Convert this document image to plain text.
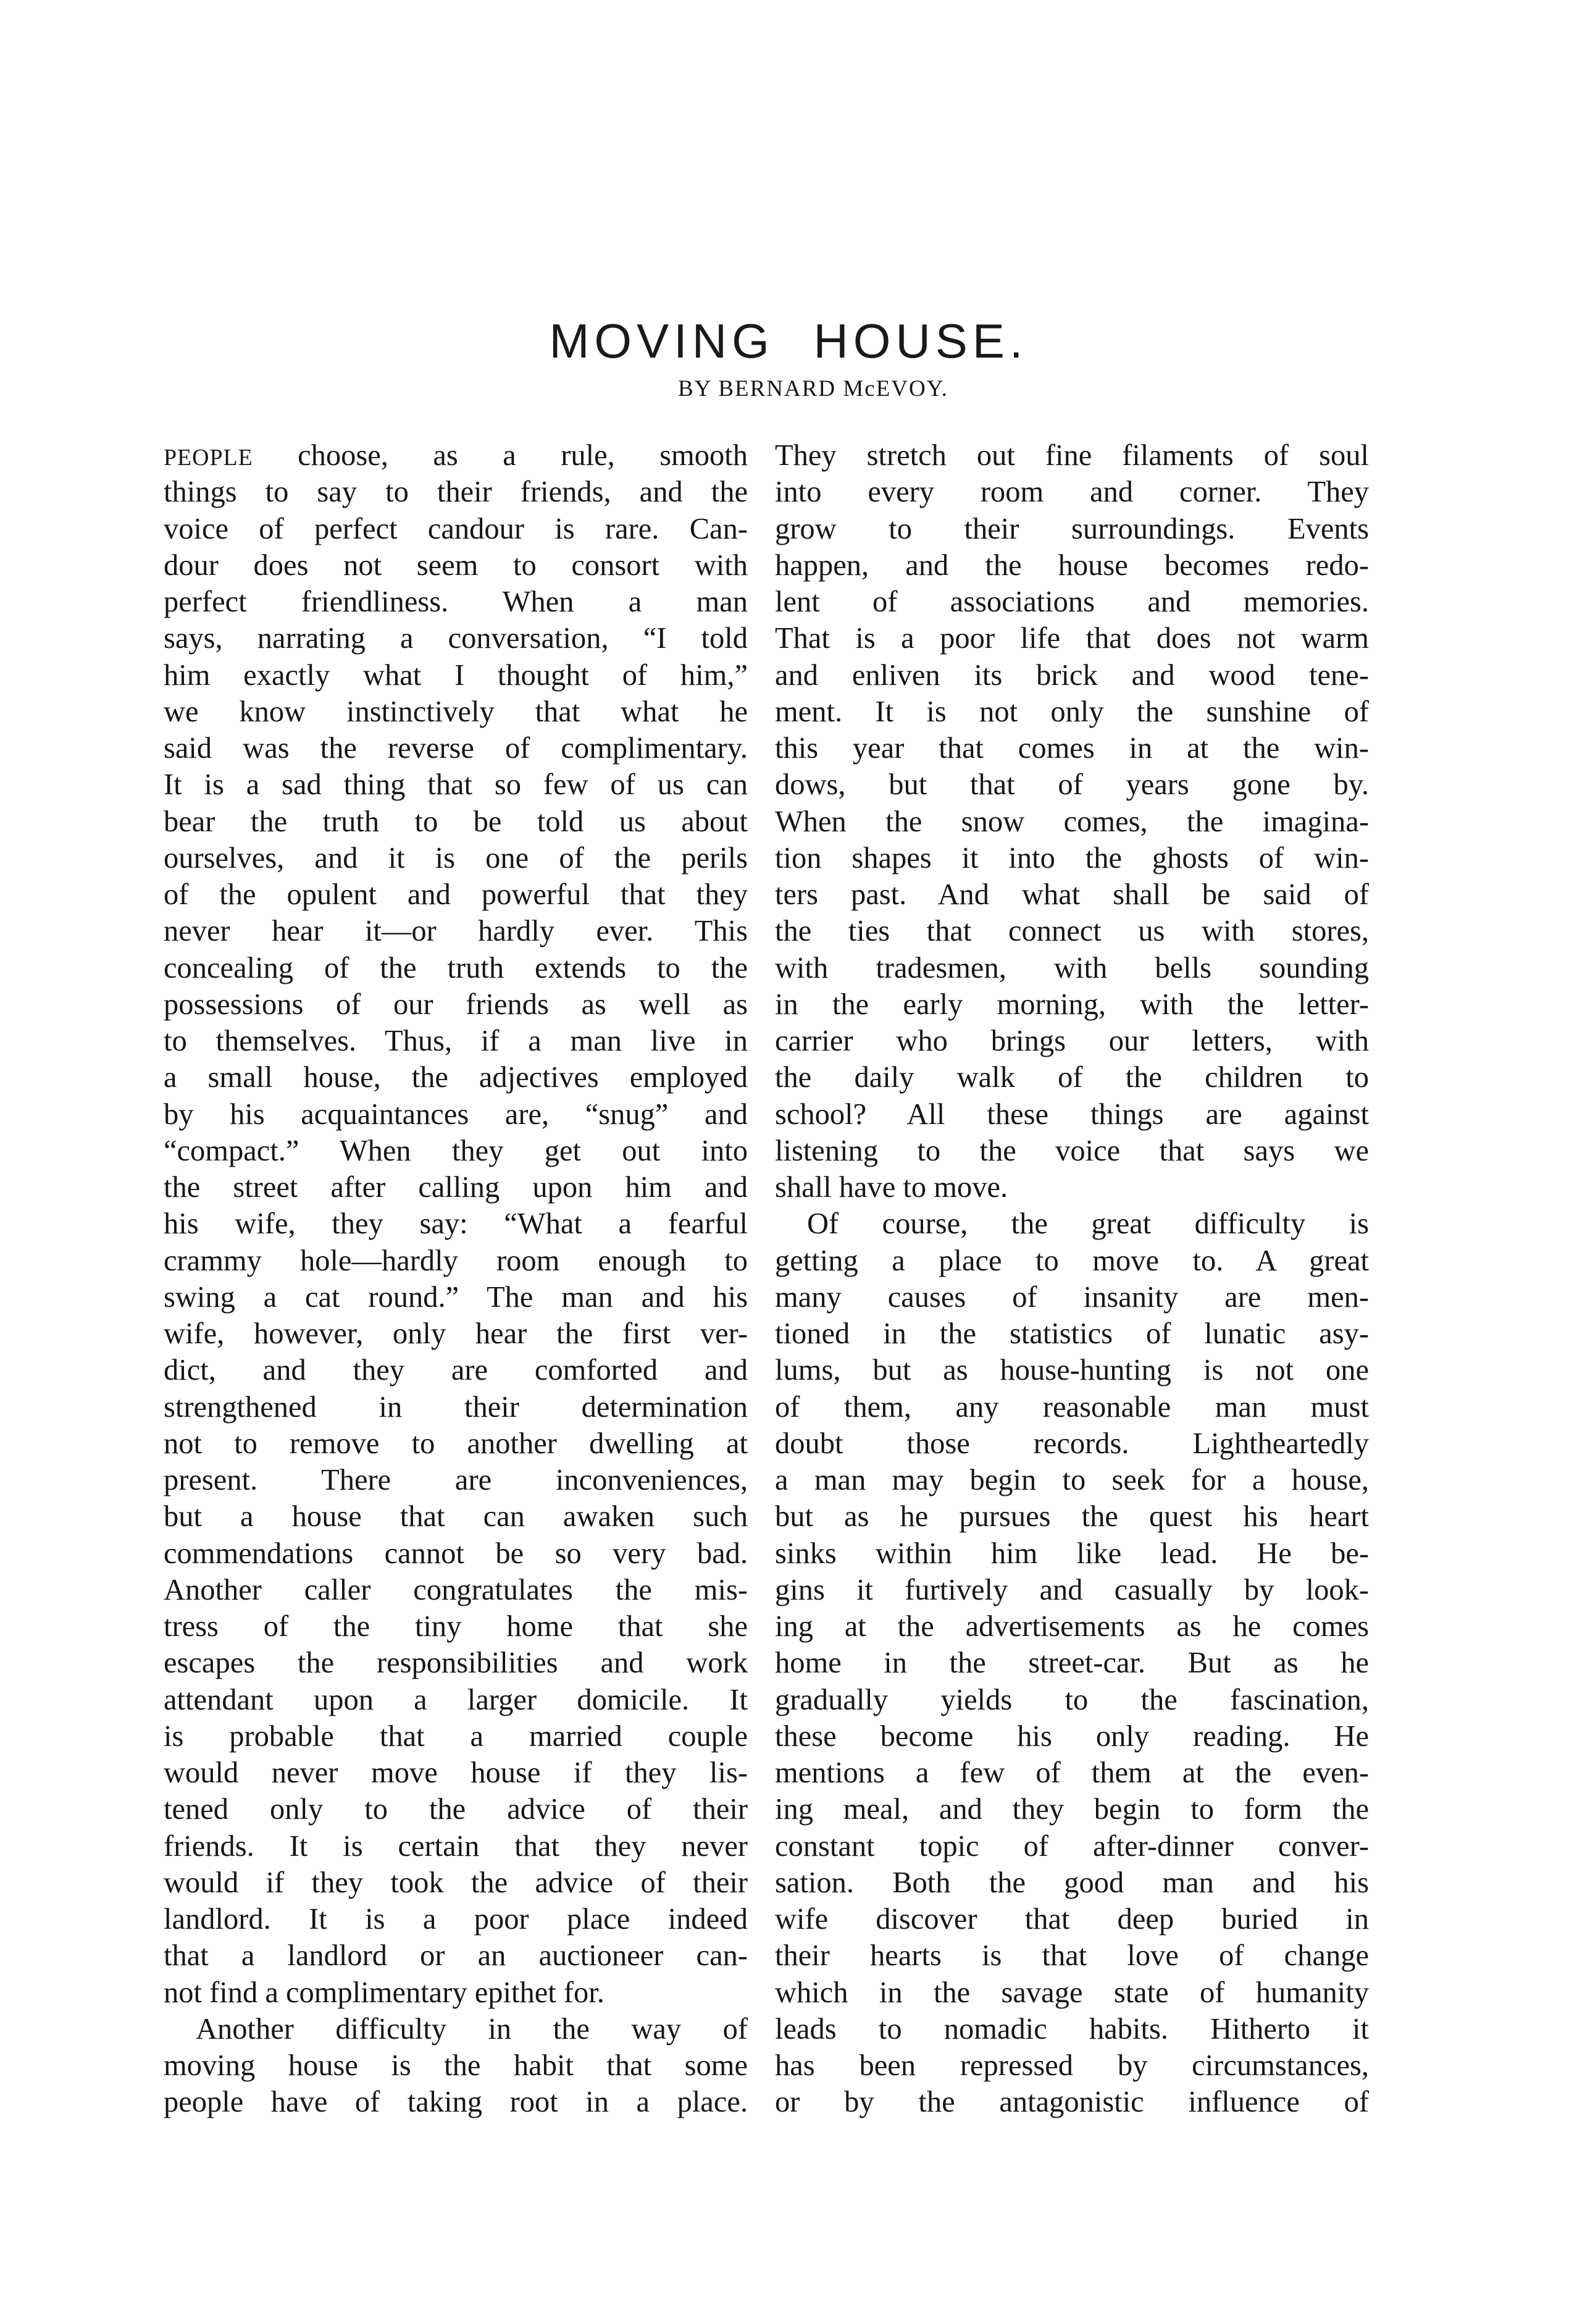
MOVING HOUSE.
BY BERNARD McEVOY.
PEOPLE choose, as a rule, smooth
things to say to their friends, and the
voice of perfect candour is rare. Can-
dour does not seem to consort with
perfect friendliness. When a man
says, narrating a conversation, “I told
him exactly what I thought of him,”
we know instinctively that what he
said was the reverse of complimentary.
It is a sad thing that so few of us can
bear the truth to be told us about
ourselves, and it is one of the perils
of the opulent and powerful that they
never hear it—or hardly ever. This
concealing of the truth extends to the
possessions of our friends as well as
to themselves. Thus, if a man live in
a small house, the adjectives employed
by his acquaintances are, “snug” and
“compact.” When they get out into
the street after calling upon him and
his wife, they say: “What a fearful
crammy hole—hardly room enough to
swing a cat round.” The man and his
wife, however, only hear the first ver-
dict, and they are comforted and
strengthened in their determination
not to remove to another dwelling at
present. There are inconveniences,
but a house that can awaken such
commendations cannot be so very bad.
Another caller congratulates the mis-
tress of the tiny home that she
escapes the responsibilities and work
attendant upon a larger domicile. It
is probable that a married couple
would never move house if they lis-
tened only to the advice of their
friends. It is certain that they never
would if they took the advice of their
landlord. It is a poor place indeed
that a landlord or an auctioneer can-
not find a complimentary epithet for.
Another difficulty in the way of
moving house is the habit that some
people have of taking root in a place.
They stretch out fine filaments of soul
into every room and corner. They
grow to their surroundings. Events
happen, and the house becomes redo-
lent of associations and memories.
That is a poor life that does not warm
and enliven its brick and wood tene-
ment. It is not only the sunshine of
this year that comes in at the win-
dows, but that of years gone by.
When the snow comes, the imagina-
tion shapes it into the ghosts of win-
ters past. And what shall be said of
the ties that connect us with stores,
with tradesmen, with bells sounding
in the early morning, with the letter-
carrier who brings our letters, with
the daily walk of the children to
school? All these things are against
listening to the voice that says we
shall have to move.
Of course, the great difficulty is
getting a place to move to. A great
many causes of insanity are men-
tioned in the statistics of lunatic asy-
lums, but as house-hunting is not one
of them, any reasonable man must
doubt those records. Lightheartedly
a man may begin to seek for a house,
but as he pursues the quest his heart
sinks within him like lead. He be-
gins it furtively and casually by look-
ing at the advertisements as he comes
home in the street-car. But as he
gradually yields to the fascination,
these become his only reading. He
mentions a few of them at the even-
ing meal, and they begin to form the
constant topic of after-dinner conver-
sation. Both the good man and his
wife discover that deep buried in
their hearts is that love of change
which in the savage state of humanity
leads to nomadic habits. Hitherto it
has been repressed by circumstances,
or by the antagonistic influence of
